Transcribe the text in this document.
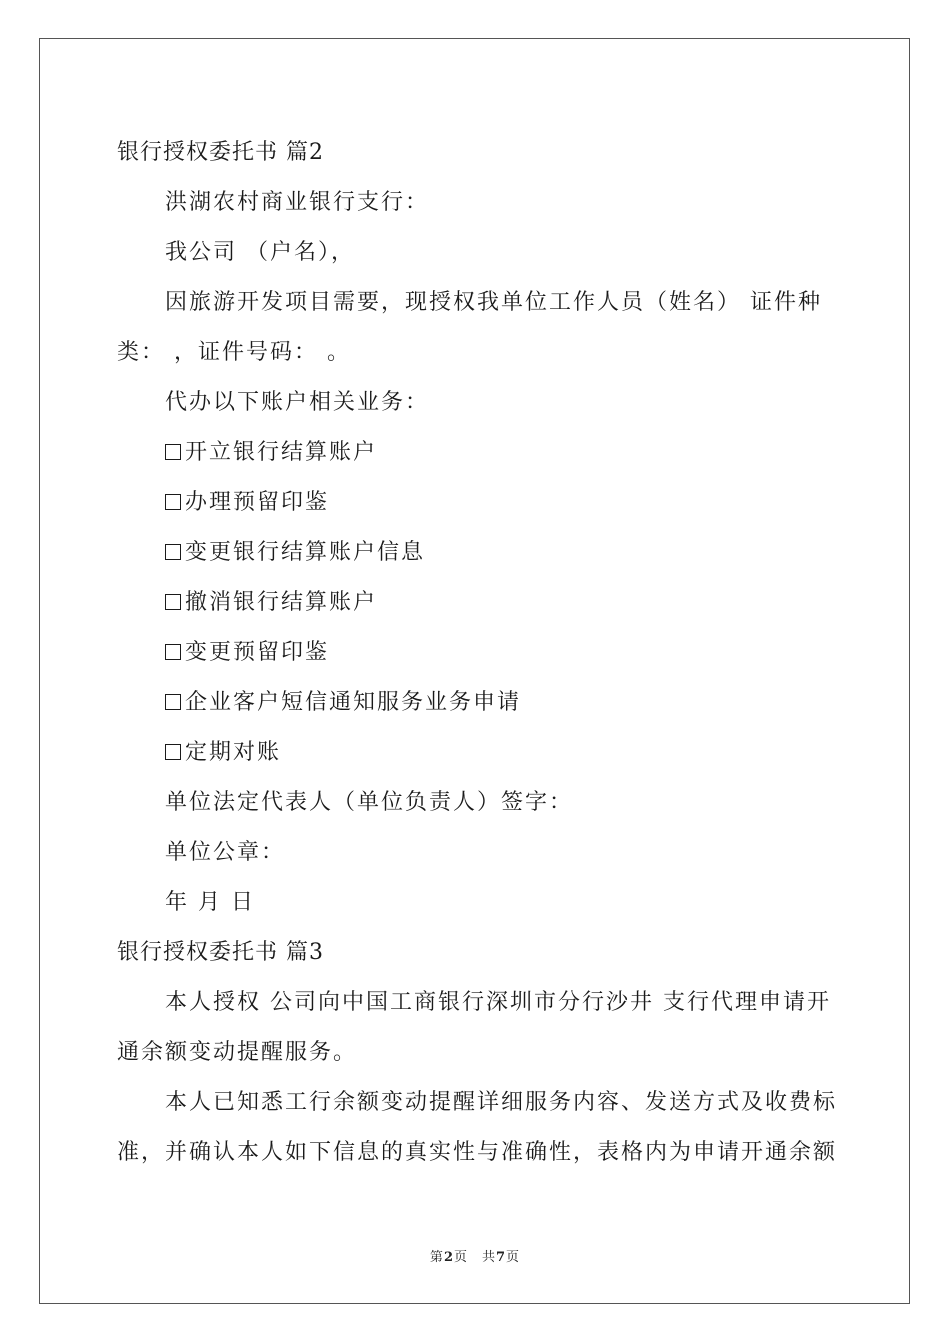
银行授权委托书 篇2
洪湖农村商业银行支行：
我公司 （户名），
因旅游开发项目需要，现授权我单位工作人员（姓名） 证件种
类： ，证件号码： 。
代办以下账户相关业务：
开立银行结算账户
办理预留印鉴
变更银行结算账户信息
撤消银行结算账户
变更预留印鉴
企业客户短信通知服务业务申请
定期对账
单位法定代表人（单位负责人）签字：
单位公章：
年 月 日
银行授权委托书 篇3
本人授权 公司向中国工商银行深圳市分行沙井 支行代理申请开
通余额变动提醒服务。
本人已知悉工行余额变动提醒详细服务内容、发送方式及收费标
准，并确认本人如下信息的真实性与准确性，表格内为申请开通余额
第2页　共7页
